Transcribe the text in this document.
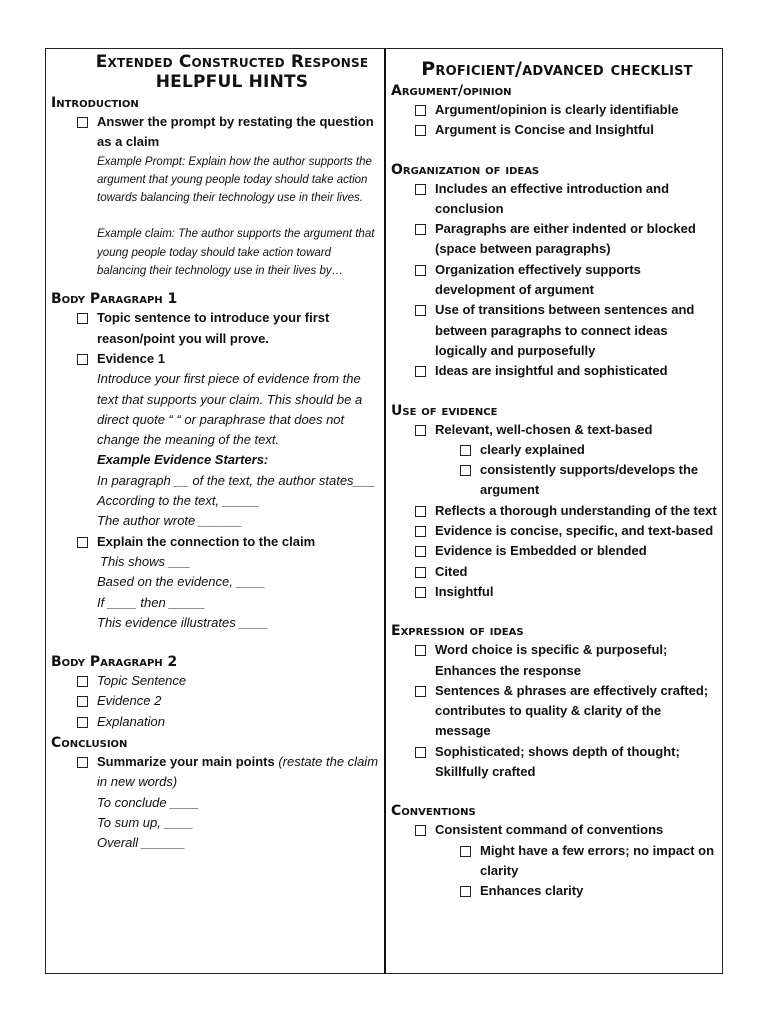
Extended Constructed Response HELPFUL HINTS
Introduction
Answer the prompt by restating the question as a claim
Example Prompt: Explain how the author supports the argument that young people today should take action towards balancing their technology use in their lives.
Example claim: The author supports the argument that young people today should take action toward balancing their technology use in their lives by…
Body Paragraph 1
Topic sentence to introduce your first reason/point you will prove.
Evidence 1
Introduce your first piece of evidence from the text that supports your claim. This should be a direct quote “ “ or paraphrase that does not change the meaning of the text.
Example Evidence Starters:
In paragraph __ of the text, the author states___
According to the text, _____
The author wrote ______
Explain the connection to the claim
This shows ___
Based on the evidence, ____
If ____ then _____
This evidence illustrates ____
Body Paragraph 2
Topic Sentence
Evidence 2
Explanation
Conclusion
Summarize your main points (restate the claim in new words)
To conclude ____
To sum up, ____
Overall ______
Proficient/advanced checklist
Argument/opinion
Argument/opinion is clearly identifiable
Argument is Concise and Insightful
Organization of ideas
Includes an effective introduction and conclusion
Paragraphs are either indented or blocked (space between paragraphs)
Organization effectively supports development of argument
Use of transitions between sentences and between paragraphs to connect ideas logically and purposefully
Ideas are insightful and sophisticated
Use of evidence
Relevant, well-chosen & text-based
clearly explained
consistently supports/develops the argument
Reflects a thorough understanding of the text
Evidence is concise, specific, and text-based
Evidence is Embedded or blended
Cited
Insightful
Expression of ideas
Word choice is specific & purposeful; Enhances the response
Sentences & phrases are effectively crafted; contributes to quality & clarity of the message
Sophisticated; shows depth of thought; Skillfully crafted
Conventions
Consistent command of conventions
Might have a few errors; no impact on clarity
Enhances clarity
